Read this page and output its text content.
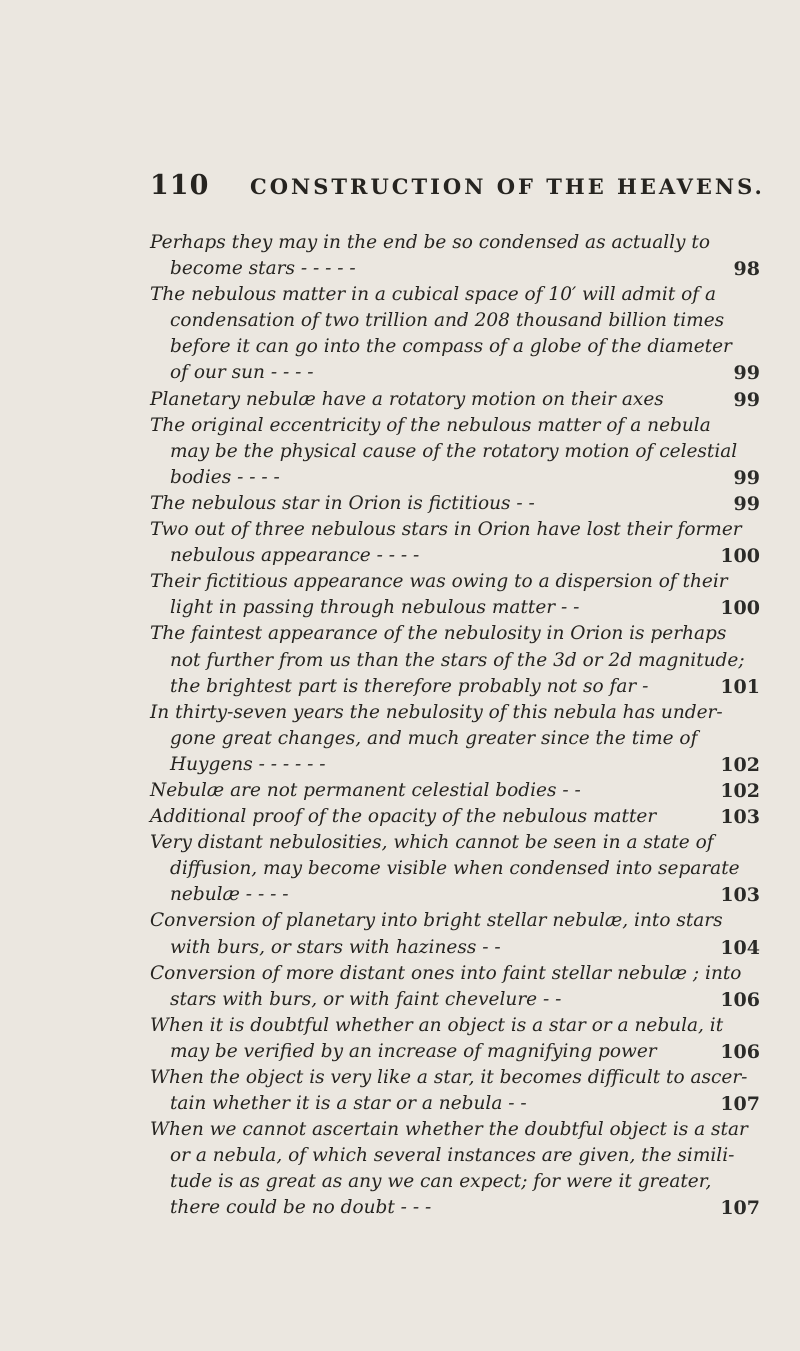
110 CONSTRUCTION OF THE HEAVENS.
Perhaps they may in the end be so condensed as actually to
become stars - - - - -	98
The nebulous matter in a cubical space of 10′ will admit of a
condensation of two trillion and 208 thousand billion times
before it can go into the compass of a globe of the diameter
of our sun - - - -	99
Planetary nebulæ have a rotatory motion on their axes	99
The original eccentricity of the nebulous matter of a nebula
may be the physical cause of the rotatory motion of celestial
bodies - - - -	99
The nebulous star in Orion is fictitious - -	99
Two out of three nebulous stars in Orion have lost their former
nebulous appearance - - - -	100
Their fictitious appearance was owing to a dispersion of their
light in passing through nebulous matter - -	100
The faintest appearance of the nebulosity in Orion is perhaps
not further from us than the stars of the 3d or 2d magnitude;
the brightest part is therefore probably not so far -	101
In thirty-seven years the nebulosity of this nebula has under-
gone great changes, and much greater since the time of
Huygens - - - - - -	102
Nebulæ are not permanent celestial bodies - -	102
Additional proof of the opacity of the nebulous matter	103
Very distant nebulosities, which cannot be seen in a state of
diffusion, may become visible when condensed into separate
nebulæ - - - -	103
Conversion of planetary into bright stellar nebulæ, into stars
with burs, or stars with haziness - -	104
Conversion of more distant ones into faint stellar nebulæ ; into
stars with burs, or with faint chevelure - -	106
When it is doubtful whether an object is a star or a nebula, it
may be verified by an increase of magnifying power	106
When the object is very like a star, it becomes difficult to ascer-
tain whether it is a star or a nebula - -	107
When we cannot ascertain whether the doubtful object is a star
or a nebula, of which several instances are given, the simili-
tude is as great as any we can expect; for were it greater,
there could be no doubt - - -	107
